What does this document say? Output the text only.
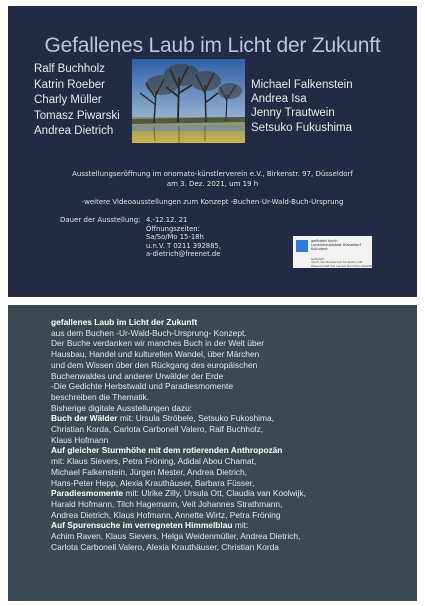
Gefallenes Laub im Licht der Zukunft
Ralf Buchholz
Katrin Roeber
Charly Müller
Tomasz Piwarski
Andrea Dietrich
Michael Falkenstein
Andrea Isa
Jenny Trautwein
Setsuko Fukushima
Ausstellungseröffnung im onomato-künstlerverein e.V., Birkenstr. 97, Düsseldorf
am 3. Dez. 2021, um 19 h
-weitere Videoausstellungen zum Konzept -Buchen-Ur-Wald-Buch-Ursprung
Dauer der Ausstellung: 4.-12.12. 21
Öffnungszeiten:
Sa/So/Mo 15-18h
u.n.V. T 0211 392885,
a-dietrich@freenet.de
gefördert durch
Landeshauptstadt Düsseldorf
Kulturamt
Gefördert
durch das Ministerium für Kultur und
Wissenschaft des Landes Nordrhein-Westfalen
gefallenes Laub im Licht der Zukunft
aus dem Buchen -Ur-Wald-Buch-Ursprung- Konzept.
Der Buche verdanken wir manches Buch in der Welt über
Hausbau, Handel und kulturellen Wandel, über Märchen
und dem Wissen über den Rückgang des europäischen
Buchenwaldes und anderer Urwälder der Erde
-Die Gedichte Herbstwald und Paradiesmomente
beschreiben die Thematik.
Bisherige digitale Ausstellungen dazu:
Buch der Wälder mit: Ursula Ströbele, Setsuko Fukoshima,
Christian Korda, Carlota Carbonell Valero, Ralf Buchholz,
Klaus Hofmann
Auf gleicher Sturmhöhe mit dem rotierenden Anthropozän
mit: Klaus Sievers, Petra Fröning, Adidal Abou Chamat,
Michael Falkenstein, Jürgen Mester, Andrea Dietrich,
Hans-Peter Hepp, Alexia Krauthäuser, Barbara Füsser,
Paradiesmomente mit: Ulrike Zilly, Ursula Ott, Claudia van Koolwijk,
Harald Hofmann, Tilch Hagemann, Veit Johannes Strathmann,
Andrea Dietrich, Klaus Hofmann, Annette Wirtz, Petra Fröning
Auf Spurensuche im verregneten Himmelblau mit:
Achim Raven, Klaus Sievers, Helga Weidenmüller, Andrea Dietrich,
Carlota Carbonell Valero, Alexia Krauthäuser, Christian Korda
